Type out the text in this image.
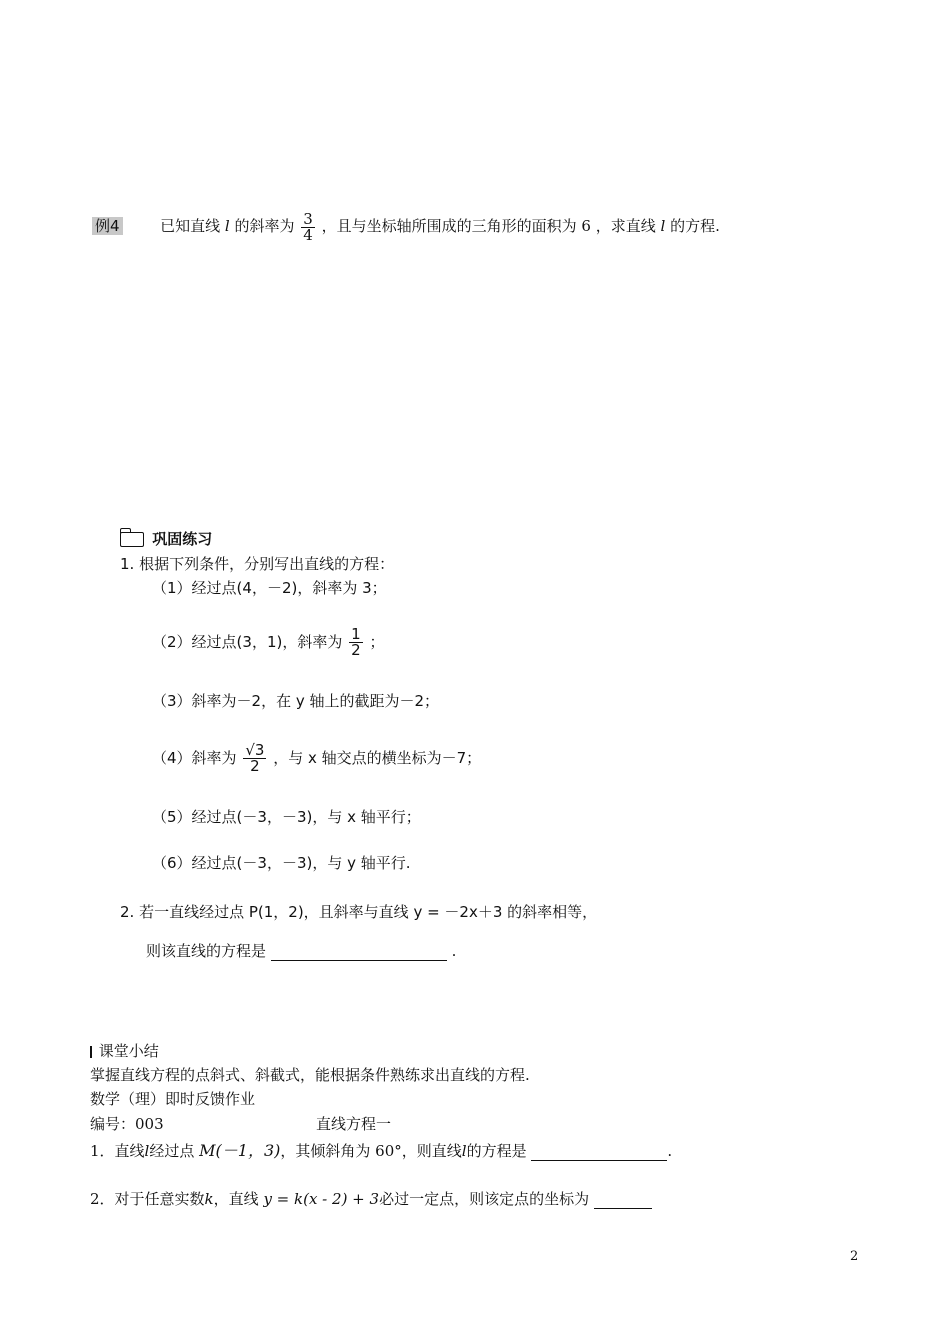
例4	已知直线 l 的斜率为 $\frac{3}{4}$ ，且与坐标轴所围成的三角形的面积为 6 ，求直线 l 的方程.
巩固练习
1. 根据下列条件，分别写出直线的方程：
（1）经过点(4，－2)，斜率为 3；
（2）经过点(3，1)，斜率为 $\frac{1}{2}$ ；
（3）斜率为－2，在 y 轴上的截距为－2；
（4）斜率为 $\frac{√3}{2}$ ，与 x 轴交点的横坐标为－7；
（5）经过点(－3，－3)，与 x 轴平行；
（6）经过点(－3，－3)，与 y 轴平行.
2. 若一直线经过点 P(1，2)，且斜率与直线 y = －2x＋3 的斜率相等，
则该直线的方程是	.
课堂小结
掌握直线方程的点斜式、斜截式，能根据条件熟练求出直线的方程.
数学（理）即时反馈作业
编号：003	直线方程一
1．直线l经过点 M(－1，3)，其倾斜角为 60°，则直线l的方程是	.
2．对于任意实数k，直线 y = k(x - 2) + 3必过一定点，则该定点的坐标为
2
